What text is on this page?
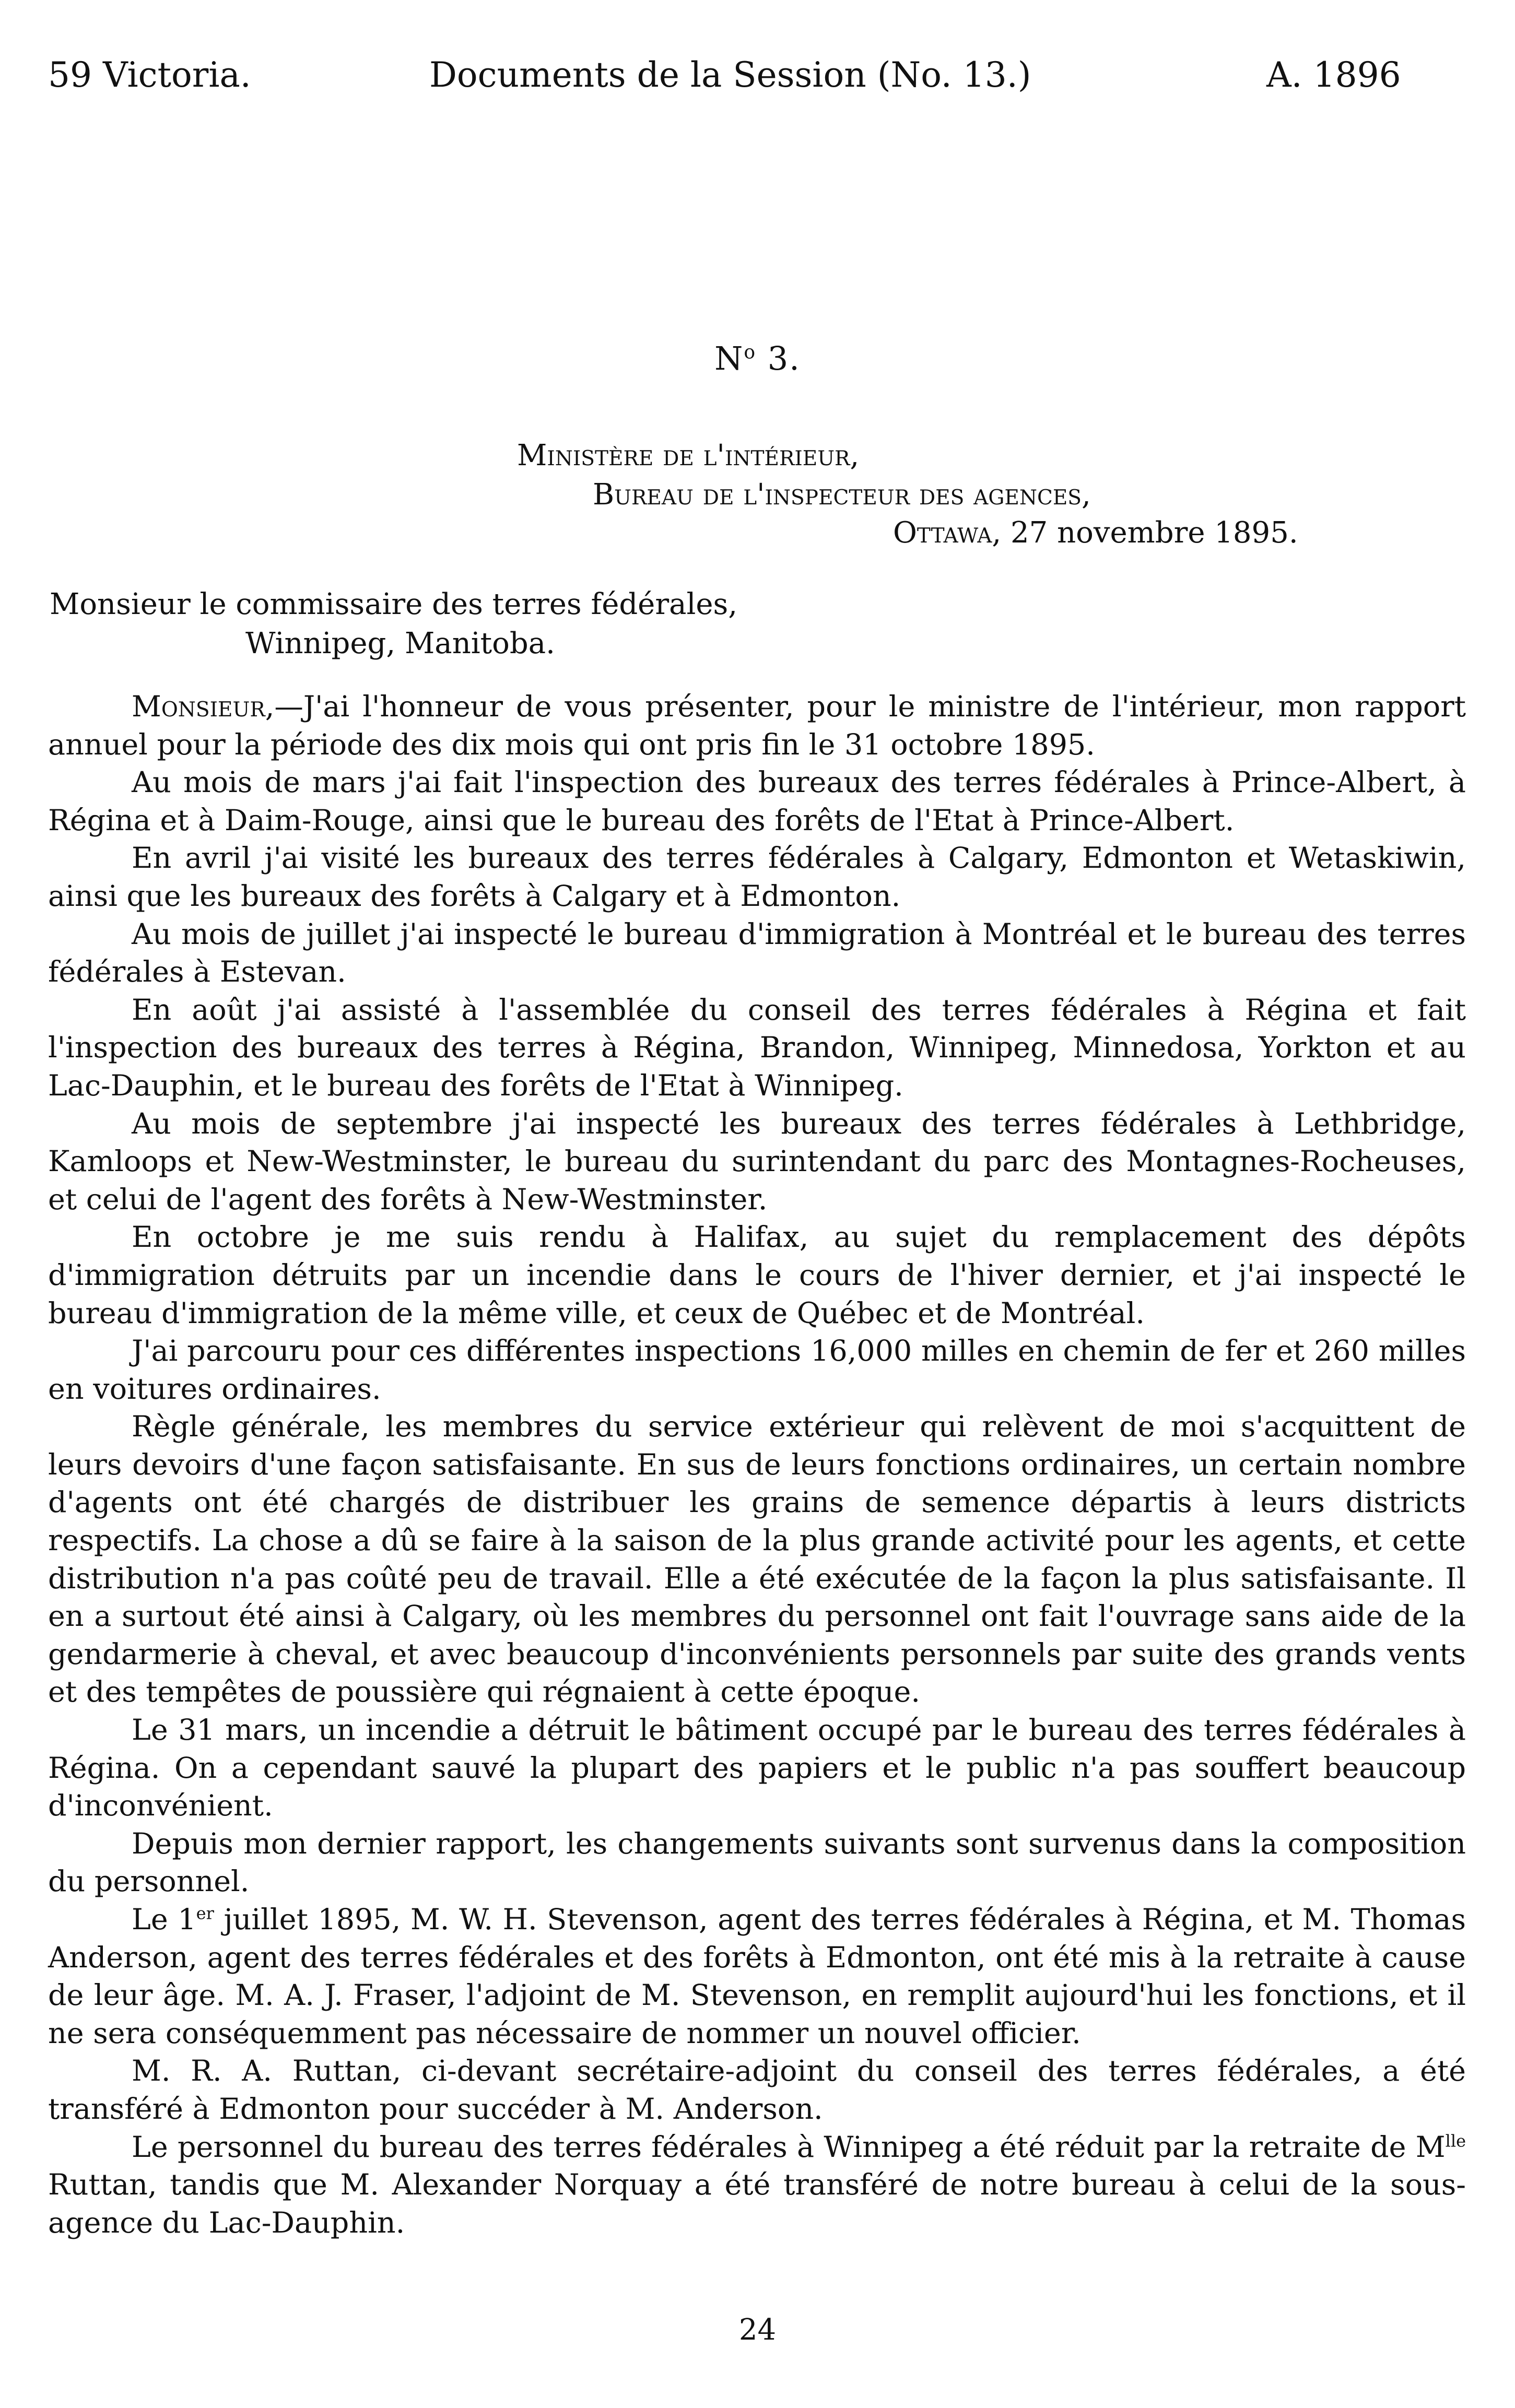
59 Victoria.	Documents de la Session (No. 13.)	A. 1896
$N^o$ 3.
Ministère de l'intérieur,
Bureau de l'inspecteur des agences,
Ottawa, 27 novembre 1895.
Monsieur le commissaire des terres fédérales,
Winnipeg, Manitoba.

Monsieur,—J'ai l'honneur de vous présenter, pour le ministre de l'intérieur, mon rapport annuel pour la période des dix mois qui ont pris fin le 31 octobre 1895.

Au mois de mars j'ai fait l'inspection des bureaux des terres fédérales à Prince-Albert, à Régina et à Daim-Rouge, ainsi que le bureau des forêts de l'Etat à Prince-Albert.

En avril j'ai visité les bureaux des terres fédérales à Calgary, Edmonton et Wetaskiwin, ainsi que les bureaux des forêts à Calgary et à Edmonton.

Au mois de juillet j'ai inspecté le bureau d'immigration à Montréal et le bureau des terres fédérales à Estevan.

En août j'ai assisté à l'assemblée du conseil des terres fédérales à Régina et fait l'inspection des bureaux des terres à Régina, Brandon, Winnipeg, Minnedosa, Yorkton et au Lac-Dauphin, et le bureau des forêts de l'Etat à Winnipeg.

Au mois de septembre j'ai inspecté les bureaux des terres fédérales à Lethbridge, Kamloops et New-Westminster, le bureau du surintendant du parc des Montagnes-Rocheuses, et celui de l'agent des forêts à New-Westminster.

En octobre je me suis rendu à Halifax, au sujet du remplacement des dépôts d'immigration détruits par un incendie dans le cours de l'hiver dernier, et j'ai inspecté le bureau d'immigration de la même ville, et ceux de Québec et de Montréal.

J'ai parcouru pour ces différentes inspections 16,000 milles en chemin de fer et 260 milles en voitures ordinaires.

Règle générale, les membres du service extérieur qui relèvent de moi s'acquittent de leurs devoirs d'une façon satisfaisante. En sus de leurs fonctions ordinaires, un certain nombre d'agents ont été chargés de distribuer les grains de semence départis à leurs districts respectifs. La chose a dû se faire à la saison de la plus grande activité pour les agents, et cette distribution n'a pas coûté peu de travail. Elle a été exécutée de la façon la plus satisfaisante. Il en a surtout été ainsi à Calgary, où les membres du personnel ont fait l'ouvrage sans aide de la gendarmerie à cheval, et avec beaucoup d'inconvénients personnels par suite des grands vents et des tempêtes de poussière qui régnaient à cette époque.

Le 31 mars, un incendie a détruit le bâtiment occupé par le bureau des terres fédérales à Régina. On a cependant sauvé la plupart des papiers et le public n'a pas souffert beaucoup d'inconvénient.

Depuis mon dernier rapport, les changements suivants sont survenus dans la composition du personnel.

Le 1er juillet 1895, M. W. H. Stevenson, agent des terres fédérales à Régina, et M. Thomas Anderson, agent des terres fédérales et des forêts à Edmonton, ont été mis à la retraite à cause de leur âge. M. A. J. Fraser, l'adjoint de M. Stevenson, en remplit aujourd'hui les fonctions, et il ne sera conséquemment pas nécessaire de nommer un nouvel officier.

M. R. A. Ruttan, ci-devant secrétaire-adjoint du conseil des terres fédérales, a été transféré à Edmonton pour succéder à M. Anderson.

Le personnel du bureau des terres fédérales à Winnipeg a été réduit par la retraite de $M^{lle}$ Ruttan, tandis que M. Alexander Norquay a été transféré de notre bureau à celui de la sous-agence du Lac-Dauphin.

24
